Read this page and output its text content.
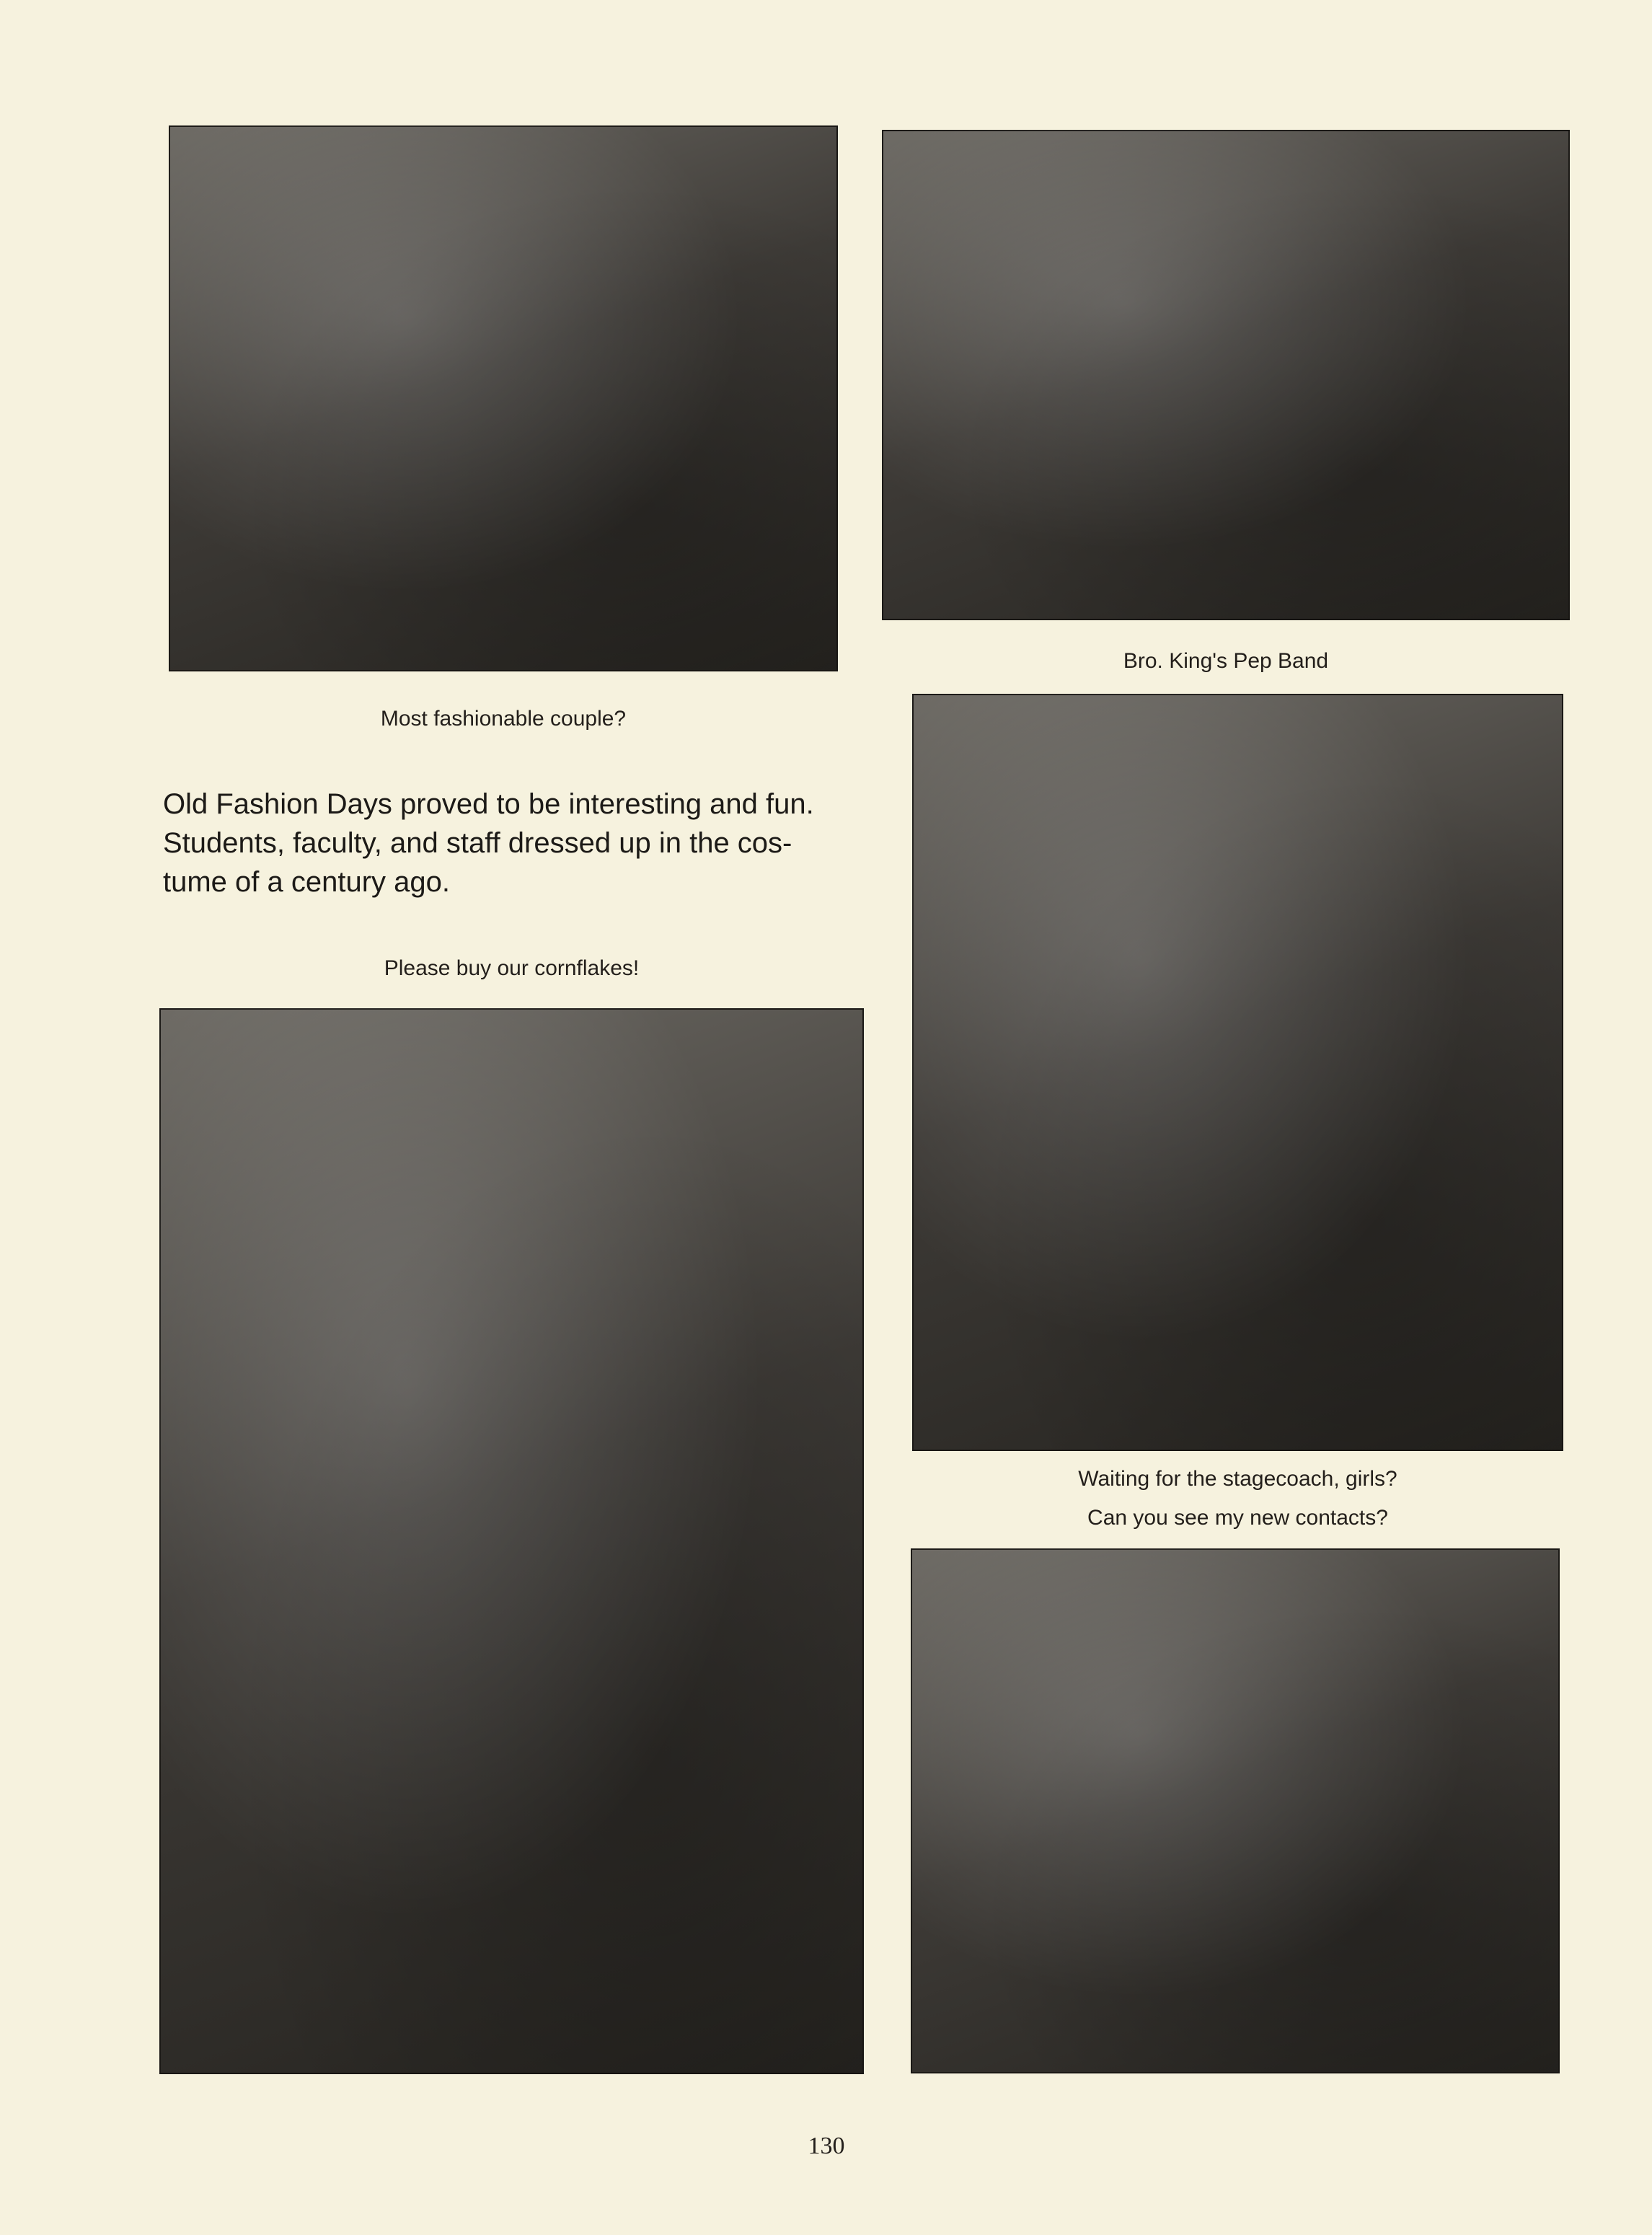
Most fashionable couple?
Bro. King's Pep Band
Please buy our cornflakes!
Waiting for the stagecoach, girls?
Can you see my new contacts?
Old Fashion Days proved to be interesting and fun.
Students, faculty, and staff dressed up in the cos-
tume of a century ago.
130
